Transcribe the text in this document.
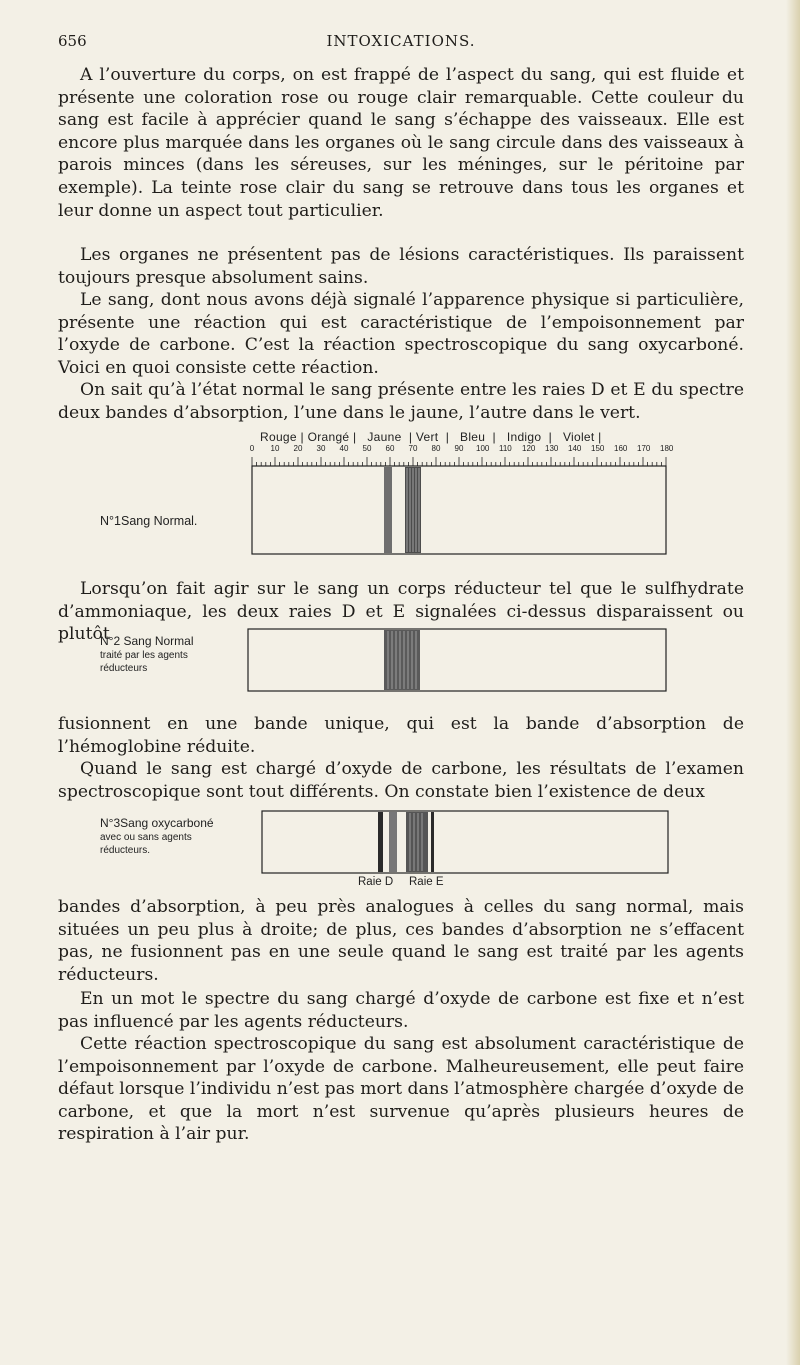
656	INTOXICATIONS.

A l’ouverture du corps, on est frappé de l’aspect du sang, qui est fluide et présente une coloration rose ou rouge clair remarquable. Cette couleur du sang est facile à apprécier quand le sang s’échappe des vaisseaux. Elle est encore plus marquée dans les organes où le sang circule dans des vaisseaux à parois minces (dans les séreuses, sur les méninges, sur le péritoine par exemple). La teinte rose clair du sang se retrouve dans tous les organes et leur donne un aspect tout particulier.

Les organes ne présentent pas de lésions caractéristiques. Ils paraissent toujours presque absolument sains.

Le sang, dont nous avons déjà signalé l’apparence physique si particulière, présente une réaction qui est caractéristique de l’empoisonnement par l’oxyde de carbone. C’est la réaction spectroscopique du sang oxycarboné. Voici en quoi consiste cette réaction.

On sait qu’à l’état normal le sang présente entre les raies D et E du spectre deux bandes d’absorption, l’une dans le jaune, l’autre dans le vert.

Rouge | Orangé |   Jaune  | Vert  |   Bleu  |   Indigo  |   Violet |
0	10 20 30 40 50 60 70 80 90 100 110 120 130 140 150 160 170 180
N°1Sang Normal.

Lorsqu’on fait agir sur le sang un corps réducteur tel que le sulfhydrate d’ammoniaque, les deux raies D et E signalées ci-dessus disparaissent ou plutôt

N°2 Sang Normal
traité par les agents
réducteurs

fusionnent en une bande unique, qui est la bande d’absorption de l’hémoglobine réduite.

Quand le sang est chargé d’oxyde de carbone, les résultats de l’examen spectroscopique sont tout différents. On constate bien l’existence de deux

N°3Sang oxycarboné
avec ou sans agents
réducteurs.
Raie D Raie E

bandes d’absorption, à peu près analogues à celles du sang normal, mais situées un peu plus à droite; de plus, ces bandes d’absorption ne s’effacent pas, ne fusionnent pas en une seule quand le sang est traité par les agents réducteurs.

En un mot le spectre du sang chargé d’oxyde de carbone est fixe et n’est pas influencé par les agents réducteurs.

Cette réaction spectroscopique du sang est absolument caractéristique de l’empoisonnement par l’oxyde de carbone. Malheureusement, elle peut faire défaut lorsque l’individu n’est pas mort dans l’atmosphère chargée d’oxyde de carbone, et que la mort n’est survenue qu’après plusieurs heures de respiration à l’air pur.
